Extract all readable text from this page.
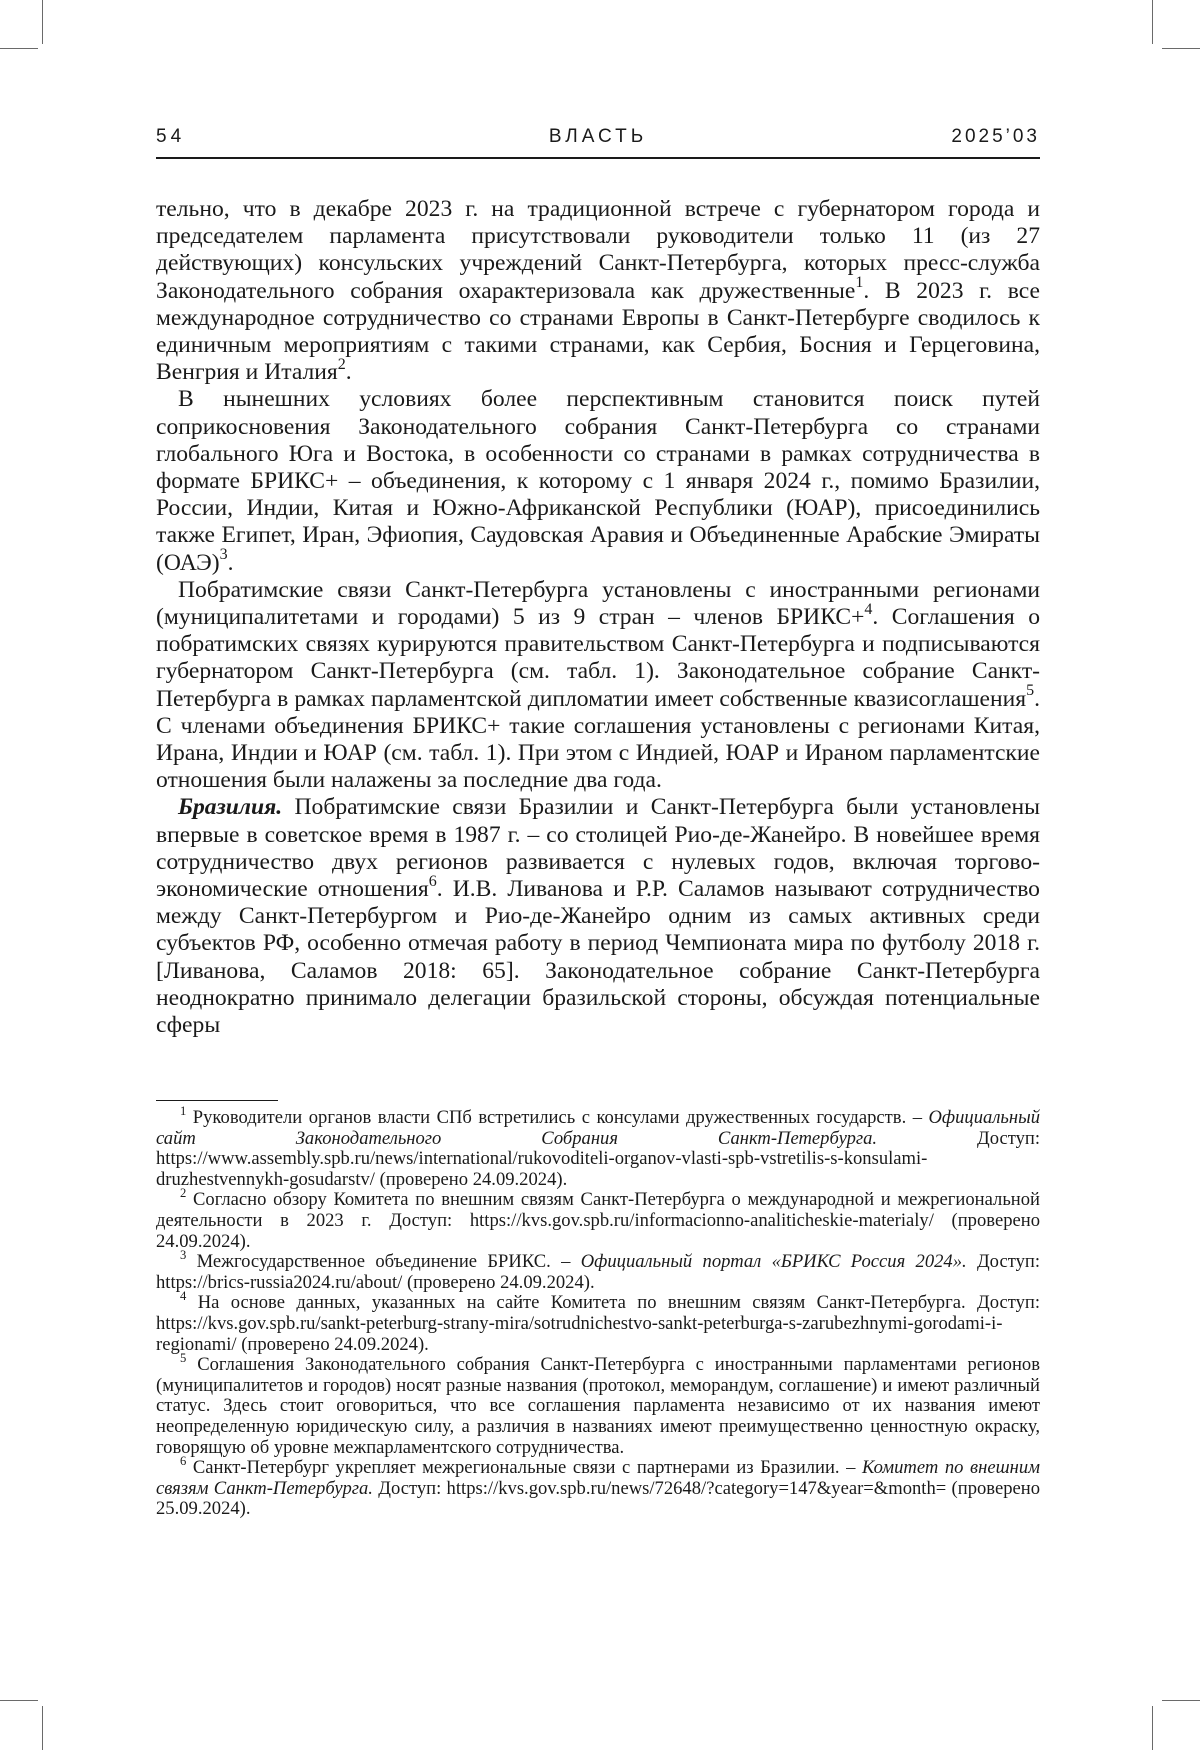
54	ВЛАСТЬ	2025’03

тельно, что в декабре 2023 г. на традиционной встрече с губернатором города и председателем парламента присутствовали руководители только 11 (из 27 действующих) консульских учреждений Санкт-Петербурга, которых пресс-служба Законодательного собрания охарактеризовала как дружественные1. В 2023 г. все международное сотрудничество со странами Европы в Санкт-Петербурге сводилось к единичным мероприятиям с такими странами, как Сербия, Босния и Герцеговина, Венгрия и Италия2.

В нынешних условиях более перспективным становится поиск путей соприкосновения Законодательного собрания Санкт-Петербурга со странами глобального Юга и Востока, в особенности со странами в рамках сотрудничества в формате БРИКС+ – объединения, к которому с 1 января 2024 г., помимо Бразилии, России, Индии, Китая и Южно-Африканской Республики (ЮАР), присоединились также Египет, Иран, Эфиопия, Саудовская Аравия и Объединенные Арабские Эмираты (ОАЭ)3.

Побратимские связи Санкт-Петербурга установлены с иностранными регионами (муниципалитетами и городами) 5 из 9 стран – членов БРИКС+4. Соглашения о побратимских связях курируются правительством Санкт-Петербурга и подписываются губернатором Санкт-Петербурга (см. табл. 1). Законодательное собрание Санкт-Петербурга в рамках парламентской дипломатии имеет собственные квазисоглашения5. С членами объединения БРИКС+ такие соглашения установлены с регионами Китая, Ирана, Индии и ЮАР (см. табл. 1). При этом с Индией, ЮАР и Ираном парламентские отношения были налажены за последние два года.

Бразилия. Побратимские связи Бразилии и Санкт-Петербурга были установлены впервые в советское время в 1987 г. – со столицей Рио-де-Жанейро. В новейшее время сотрудничество двух регионов развивается с нулевых годов, включая торгово-экономические отношения6. И.В. Ливанова и Р.Р. Саламов называют сотрудничество между Санкт-Петербургом и Рио-де-Жанейро одним из самых активных среди субъектов РФ, особенно отмечая работу в период Чемпионата мира по футболу 2018 г. [Ливанова, Саламов 2018: 65]. Законодательное собрание Санкт-Петербурга неоднократно принимало делегации бразильской стороны, обсуждая потенциальные сферы

1 Руководители органов власти СПб встретились с консулами дружественных государств. – Официальный сайт Законодательного Собрания Санкт-Петербурга. Доступ: https://www.assembly.spb.ru/news/international/rukovoditeli-organov-vlasti-spb-vstretilis-s-konsulami-druzhestvennykh-gosudarstv/ (проверено 24.09.2024).

2 Согласно обзору Комитета по внешним связям Санкт-Петербурга о международной и межрегиональной деятельности в 2023 г. Доступ: https://kvs.gov.spb.ru/informacionno-analiticheskie-materialy/ (проверено 24.09.2024).

3 Межгосударственное объединение БРИКС. – Официальный портал «БРИКС Россия 2024». Доступ: https://brics-russia2024.ru/about/ (проверено 24.09.2024).

4 На основе данных, указанных на сайте Комитета по внешним связям Санкт-Петербурга. Доступ: https://kvs.gov.spb.ru/sankt-peterburg-strany-mira/sotrudnichestvo-sankt-peterburga-s-zarubezhnymi-gorodami-i-regionami/ (проверено 24.09.2024).

5 Соглашения Законодательного собрания Санкт-Петербурга с иностранными парламентами регионов (муниципалитетов и городов) носят разные названия (протокол, меморандум, соглашение) и имеют различный статус. Здесь стоит оговориться, что все соглашения парламента независимо от их названия имеют неопределенную юридическую силу, а различия в названиях имеют преимущественно ценностную окраску, говорящую об уровне межпарламентского сотрудничества.

6 Санкт-Петербург укрепляет межрегиональные связи с партнерами из Бразилии. – Комитет по внешним связям Санкт-Петербурга. Доступ: https://kvs.gov.spb.ru/news/72648/?category=147&year=&month= (проверено 25.09.2024).
